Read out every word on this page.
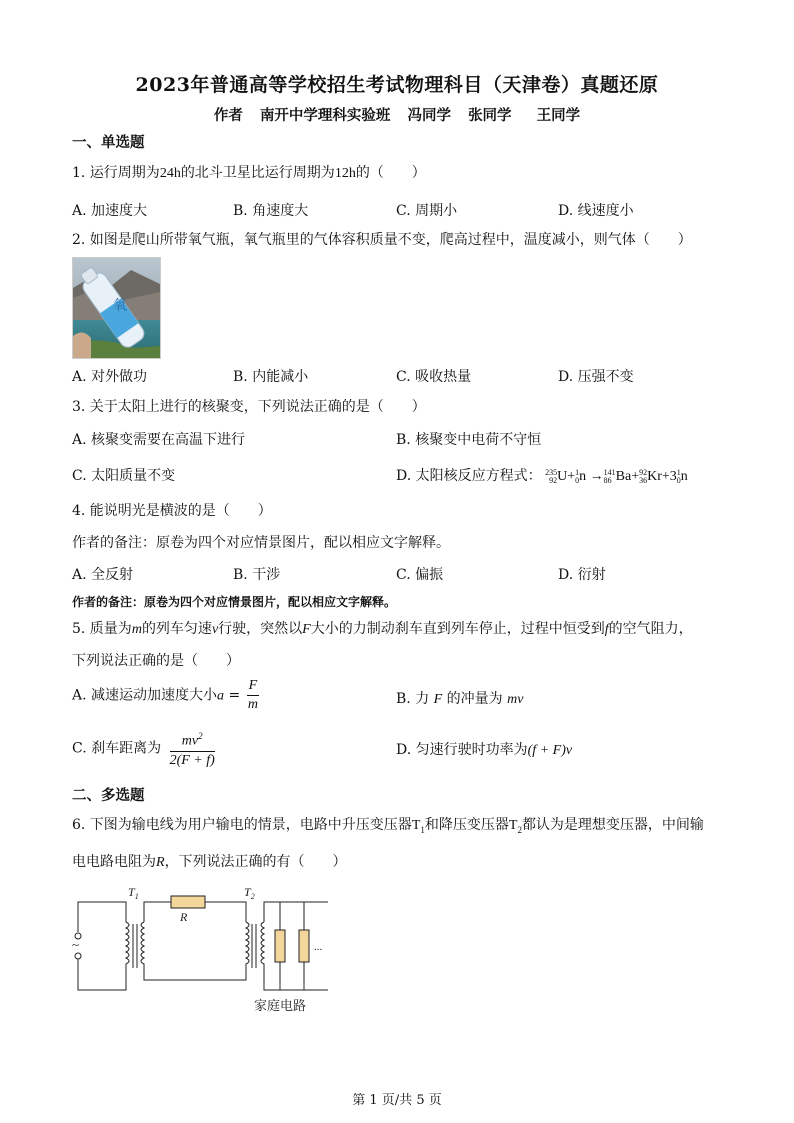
2023年普通高等学校招生考试物理科目（天津卷）真题还原
作者 南开中学理科实验班 冯同学 张同学 王同学
一、单选题
1. 运行周期为24h的北斗卫星比运行周期为12h的（　　）
A. 加速度大	B. 角速度大	C. 周期小	D. 线速度小
2. 如图是爬山所带氧气瓶，氧气瓶里的气体容积质量不变，爬高过程中，温度减小，则气体（　　）
氧
A. 对外做功	B. 内能减小	C. 吸收热量	D. 压强不变
3. 关于太阳上进行的核聚变，下列说法正确的是（　　）
A. 核聚变需要在高温下进行	B. 核聚变中电荷不守恒
C. 太阳质量不变	D. 太阳核反应方程式： 235
92U+1
0n →141
86 Ba+92
36Kr+31
0n
4. 能说明光是横波的是（　　）
作者的备注：原卷为四个对应情景图片，配以相应文字解释。
A. 全反射	B. 干涉	C. 偏振	D. 衍射
作者的备注：原卷为四个对应情景图片，配以相应文字解释。
5. 质量为m的列车匀速v行驶，突然以F大小的力制动刹车直到列车停止，过程中恒受到f的空气阻力，
下列说法正确的是（　　）
A. 减速运动加速度大小$a = \frac{F}{m}$	B. 力 F 的冲量为 mv
C. 刹车距离为 $\frac{mv^2}{2(F + f)}$	D. 匀速行驶时功率为(f + F)v
二、多选题
6. 下图为输电线为用户输电的情景，电路中升压变压器$T_1$和降压变压器$T_2$都认为是理想变压器，中间输
电电路电阻为R，下列说法正确的有（　　）
~
$T_1$
R
$T_2$
...
家庭电路
第 1 页/共 5 页
